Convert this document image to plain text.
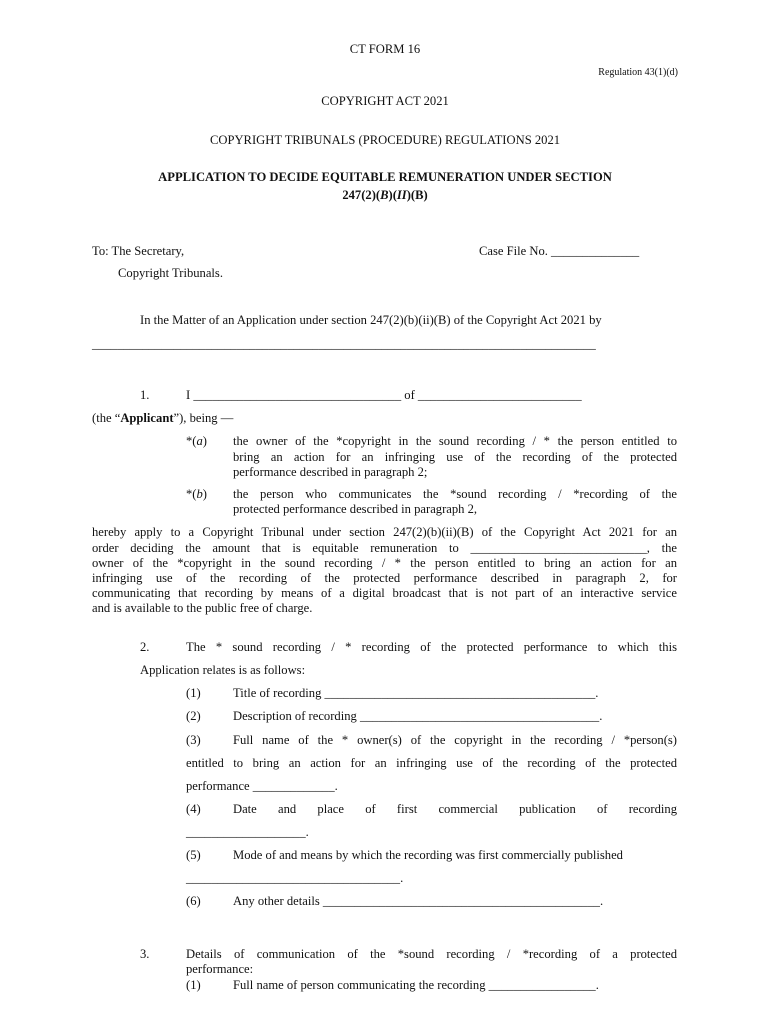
CT FORM 16
Regulation 43(1)(d)
COPYRIGHT ACT 2021
COPYRIGHT TRIBUNALS (PROCEDURE) REGULATIONS 2021
APPLICATION TO DECIDE EQUITABLE REMUNERATION UNDER SECTION
247(2)(B)(II)(B)
To: The Secretary,	Case File No. ______________
Copyright Tribunals.
In the Matter of an Application under section 247(2)(b)(ii)(B) of the Copyright Act 2021 by
________________________________________________________________________________
1.	I _________________________________ of __________________________
(the “Applicant”), being —
*(a) the owner of the *copyright in the sound recording / * the person entitled to
bring an action for an infringing use of the recording of the protected
performance described in paragraph 2;
*(b) the person who communicates the *sound recording / *recording of the
protected performance described in paragraph 2,
hereby apply to a Copyright Tribunal under section 247(2)(b)(ii)(B) of the Copyright Act 2021 for an
order deciding the amount that is equitable remuneration to ____________________________, the
owner of the *copyright in the sound recording / * the person entitled to bring an action for an
infringing use of the recording of the protected performance described in paragraph 2, for
communicating that recording by means of a digital broadcast that is not part of an interactive service
and is available to the public free of charge.
2.	The * sound recording / * recording of the protected performance to which this
Application relates is as follows:
(1)	Title of recording ___________________________________________.
(2)	Description of recording ______________________________________.
(3)	Full name of the * owner(s) of the copyright in the recording / *person(s)
entitled to bring an action for an infringing use of the recording of the protected
performance _____________.
(4)	Date and place of first commercial publication of recording
___________________.
(5)	Mode of and means by which the recording was first commercially published
__________________________________.
(6)	Any other details ____________________________________________.
3.	Details of communication of the *sound recording / *recording of a protected
performance:
(1)	Full name of person communicating the recording _________________.
